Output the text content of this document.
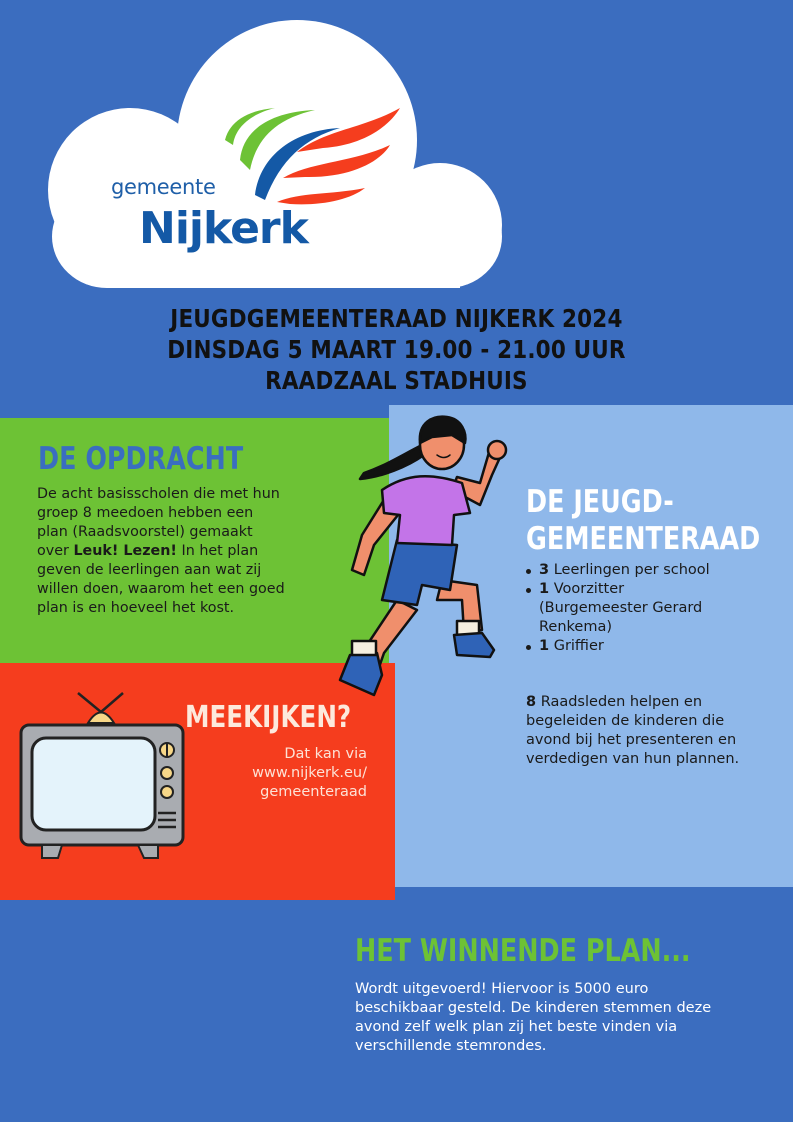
gemeente
Nijkerk
JEUGDGEMEENTERAAD NIJKERK 2024
DINSDAG 5 MAART 19.00 - 21.00 UUR
RAADZAAL STADHUIS
DE OPDRACHT
De acht basisscholen die met hun groep 8 meedoen hebben een plan (Raadsvoorstel) gemaakt over Leuk! Lezen! In het plan geven de leerlingen aan wat zij willen doen, waarom het een goed plan is en hoeveel het kost.
MEEKIJKEN?
Dat kan via
www.nijkerk.eu/
gemeenteraad
DE JEUGD-
GEMEENTERAAD
3 Leerlingen per school
1 Voorzitter (Burgemeester Gerard Renkema)
1 Griffier
8 Raadsleden helpen en begeleiden de kinderen die avond bij het presenteren en verdedigen van hun plannen.
HET WINNENDE PLAN...
Wordt uitgevoerd! Hiervoor is 5000 euro beschikbaar gesteld. De kinderen stemmen deze avond zelf welk plan zij het beste vinden via verschillende stemrondes.
